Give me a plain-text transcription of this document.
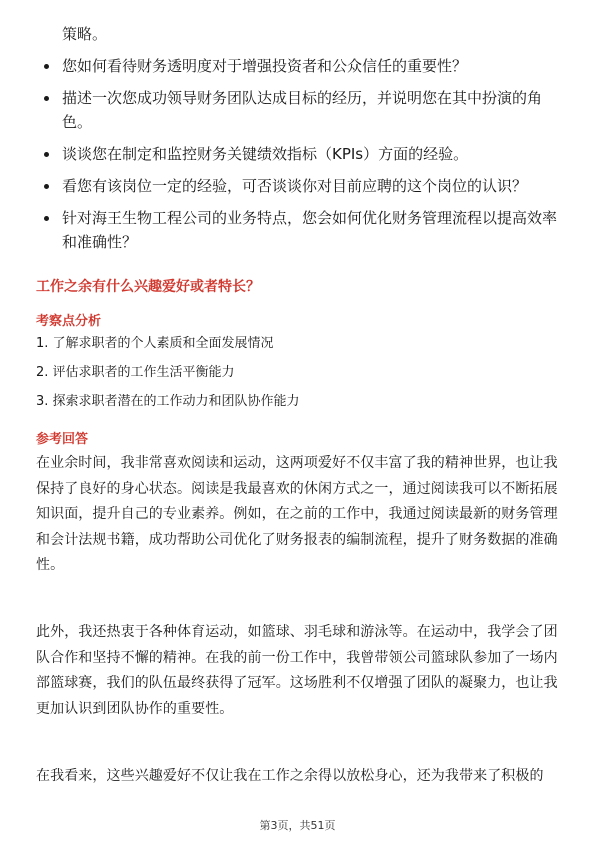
策略。
您如何看待财务透明度对于增强投资者和公众信任的重要性？
描述一次您成功领导财务团队达成目标的经历，并说明您在其中扮演的角色。
谈谈您在制定和监控财务关键绩效指标（KPIs）方面的经验。
看您有该岗位一定的经验，可否谈谈你对目前应聘的这个岗位的认识？
针对海王生物工程公司的业务特点，您会如何优化财务管理流程以提高效率和准确性？
工作之余有什么兴趣爱好或者特长？
考察点分析
1. 了解求职者的个人素质和全面发展情况
2. 评估求职者的工作生活平衡能力
3. 探索求职者潜在的工作动力和团队协作能力
参考回答

在业余时间，我非常喜欢阅读和运动，这两项爱好不仅丰富了我的精神世界，也让我保持了良好的身心状态。阅读是我最喜欢的休闲方式之一，通过阅读我可以不断拓展知识面，提升自己的专业素养。例如，在之前的工作中，我通过阅读最新的财务管理和会计法规书籍，成功帮助公司优化了财务报表的编制流程，提升了财务数据的准确性。

此外，我还热衷于各种体育运动，如篮球、羽毛球和游泳等。在运动中，我学会了团队合作和坚持不懈的精神。在我的前一份工作中，我曾带领公司篮球队参加了一场内部篮球赛，我们的队伍最终获得了冠军。这场胜利不仅增强了团队的凝聚力，也让我更加认识到团队协作的重要性。

在我看来，这些兴趣爱好不仅让我在工作之余得以放松身心，还为我带来了积极的

第3页，共51页
